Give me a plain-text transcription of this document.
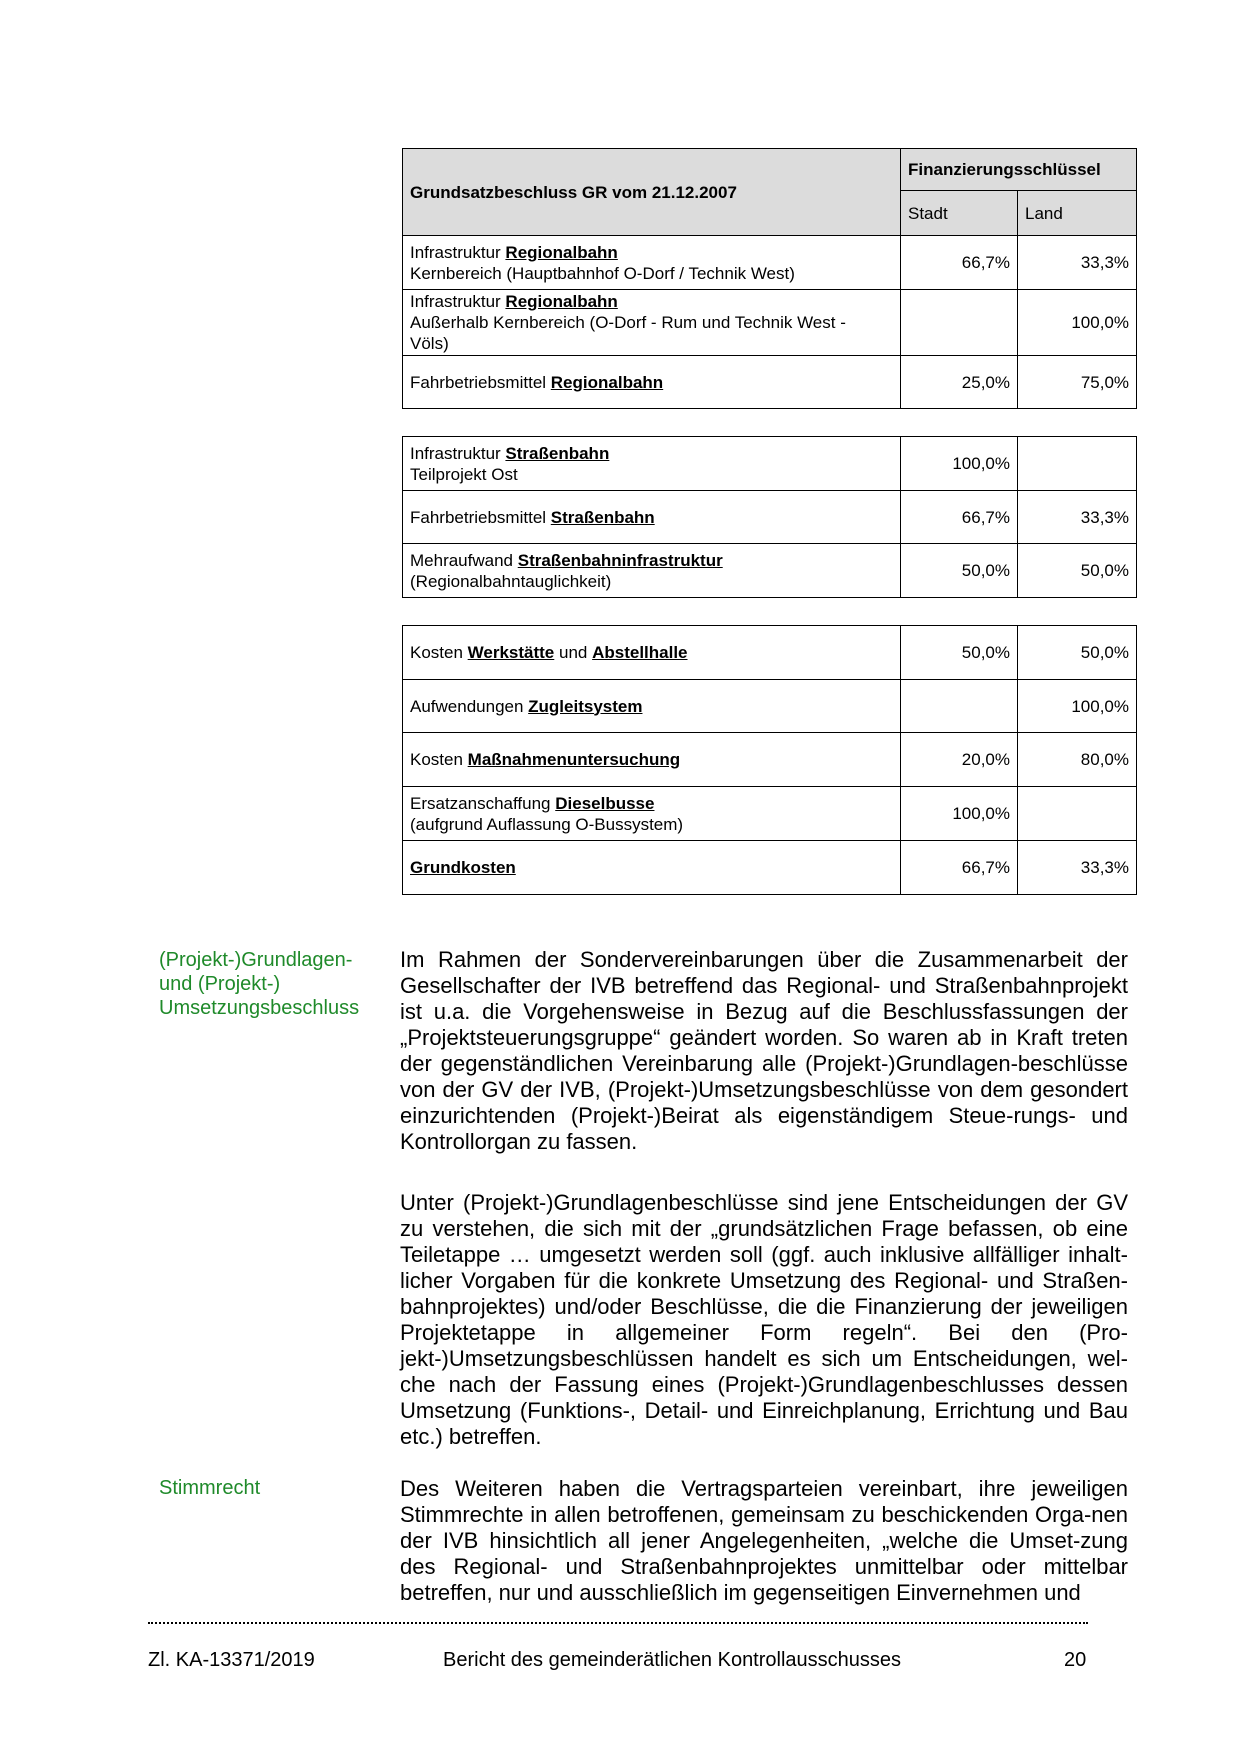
Grundsatzbeschluss GR vom 21.12.2007	Finanzierungsschlüssel	
	Stadt	Land
Infrastruktur Regionalbahn
Kernbereich (Hauptbahnhof O-Dorf / Technik West)	66,7%	33,3%
Infrastruktur Regionalbahn
Außerhalb Kernbereich (O-Dorf - Rum und Technik West -
Völs)		100,0%
Fahrbetriebsmittel Regionalbahn	25,0%	75,0%
Infrastruktur Straßenbahn
Teilprojekt Ost	100,0%	
Fahrbetriebsmittel Straßenbahn	66,7%	33,3%
Mehraufwand Straßenbahninfrastruktur
(Regionalbahntauglichkeit)	50,0%	50,0%
Kosten Werkstätte und Abstellhalle	50,0%	50,0%
Aufwendungen Zugleitsystem		100,0%
Kosten Maßnahmenuntersuchung	20,0%	80,0%
Ersatzanschaffung Dieselbusse
(aufgrund Auflassung O-Bussystem)	100,0%	
Grundkosten	66,7%	33,3%
(Projekt-)Grundlagen-
und (Projekt-)
Umsetzungsbeschluss
Stimmrecht
Im Rahmen der Sondervereinbarungen über die Zusammenarbeit der Gesellschafter der IVB betreffend das Regional- und Straßenbahnprojekt ist u.a. die Vorgehensweise in Bezug auf die Beschlussfassungen der „Projektsteuerungsgruppe“ geändert worden. So waren ab in Kraft treten der gegenständlichen Vereinbarung alle (Projekt-)Grundlagen-beschlüsse von der GV der IVB, (Projekt-)Umsetzungsbeschlüsse von dem gesondert einzurichtenden (Projekt-)Beirat als eigenständigem Steue-rungs- und Kontrollorgan zu fassen.
Unter (Projekt-)Grundlagenbeschlüsse sind jene Entscheidungen der GV zu verstehen, die sich mit der „grundsätzlichen Frage befassen, ob eine Teiletappe … umgesetzt werden soll (ggf. auch inklusive allfälliger inhalt-licher Vorgaben für die konkrete Umsetzung des Regional- und Straßen-bahnprojektes) und/oder Beschlüsse, die die Finanzierung der jeweiligen Projektetappe in allgemeiner Form regeln“. Bei den (Pro-jekt-)Umsetzungsbeschlüssen handelt es sich um Entscheidungen, wel-che nach der Fassung eines (Projekt-)Grundlagenbeschlusses dessen Umsetzung (Funktions-, Detail- und Einreichplanung, Errichtung und Bau etc.) betreffen.
Des Weiteren haben die Vertragsparteien vereinbart, ihre jeweiligen Stimmrechte in allen betroffenen, gemeinsam zu beschickenden Orga-nen der IVB hinsichtlich all jener Angelegenheiten, „welche die Umset-zung des Regional- und Straßenbahnprojektes unmittelbar oder mittelbar betreffen, nur und ausschließlich im gegenseitigen Einvernehmen und
Zl. KA-13371/2019	Bericht des gemeinderätlichen Kontrollausschusses	20
